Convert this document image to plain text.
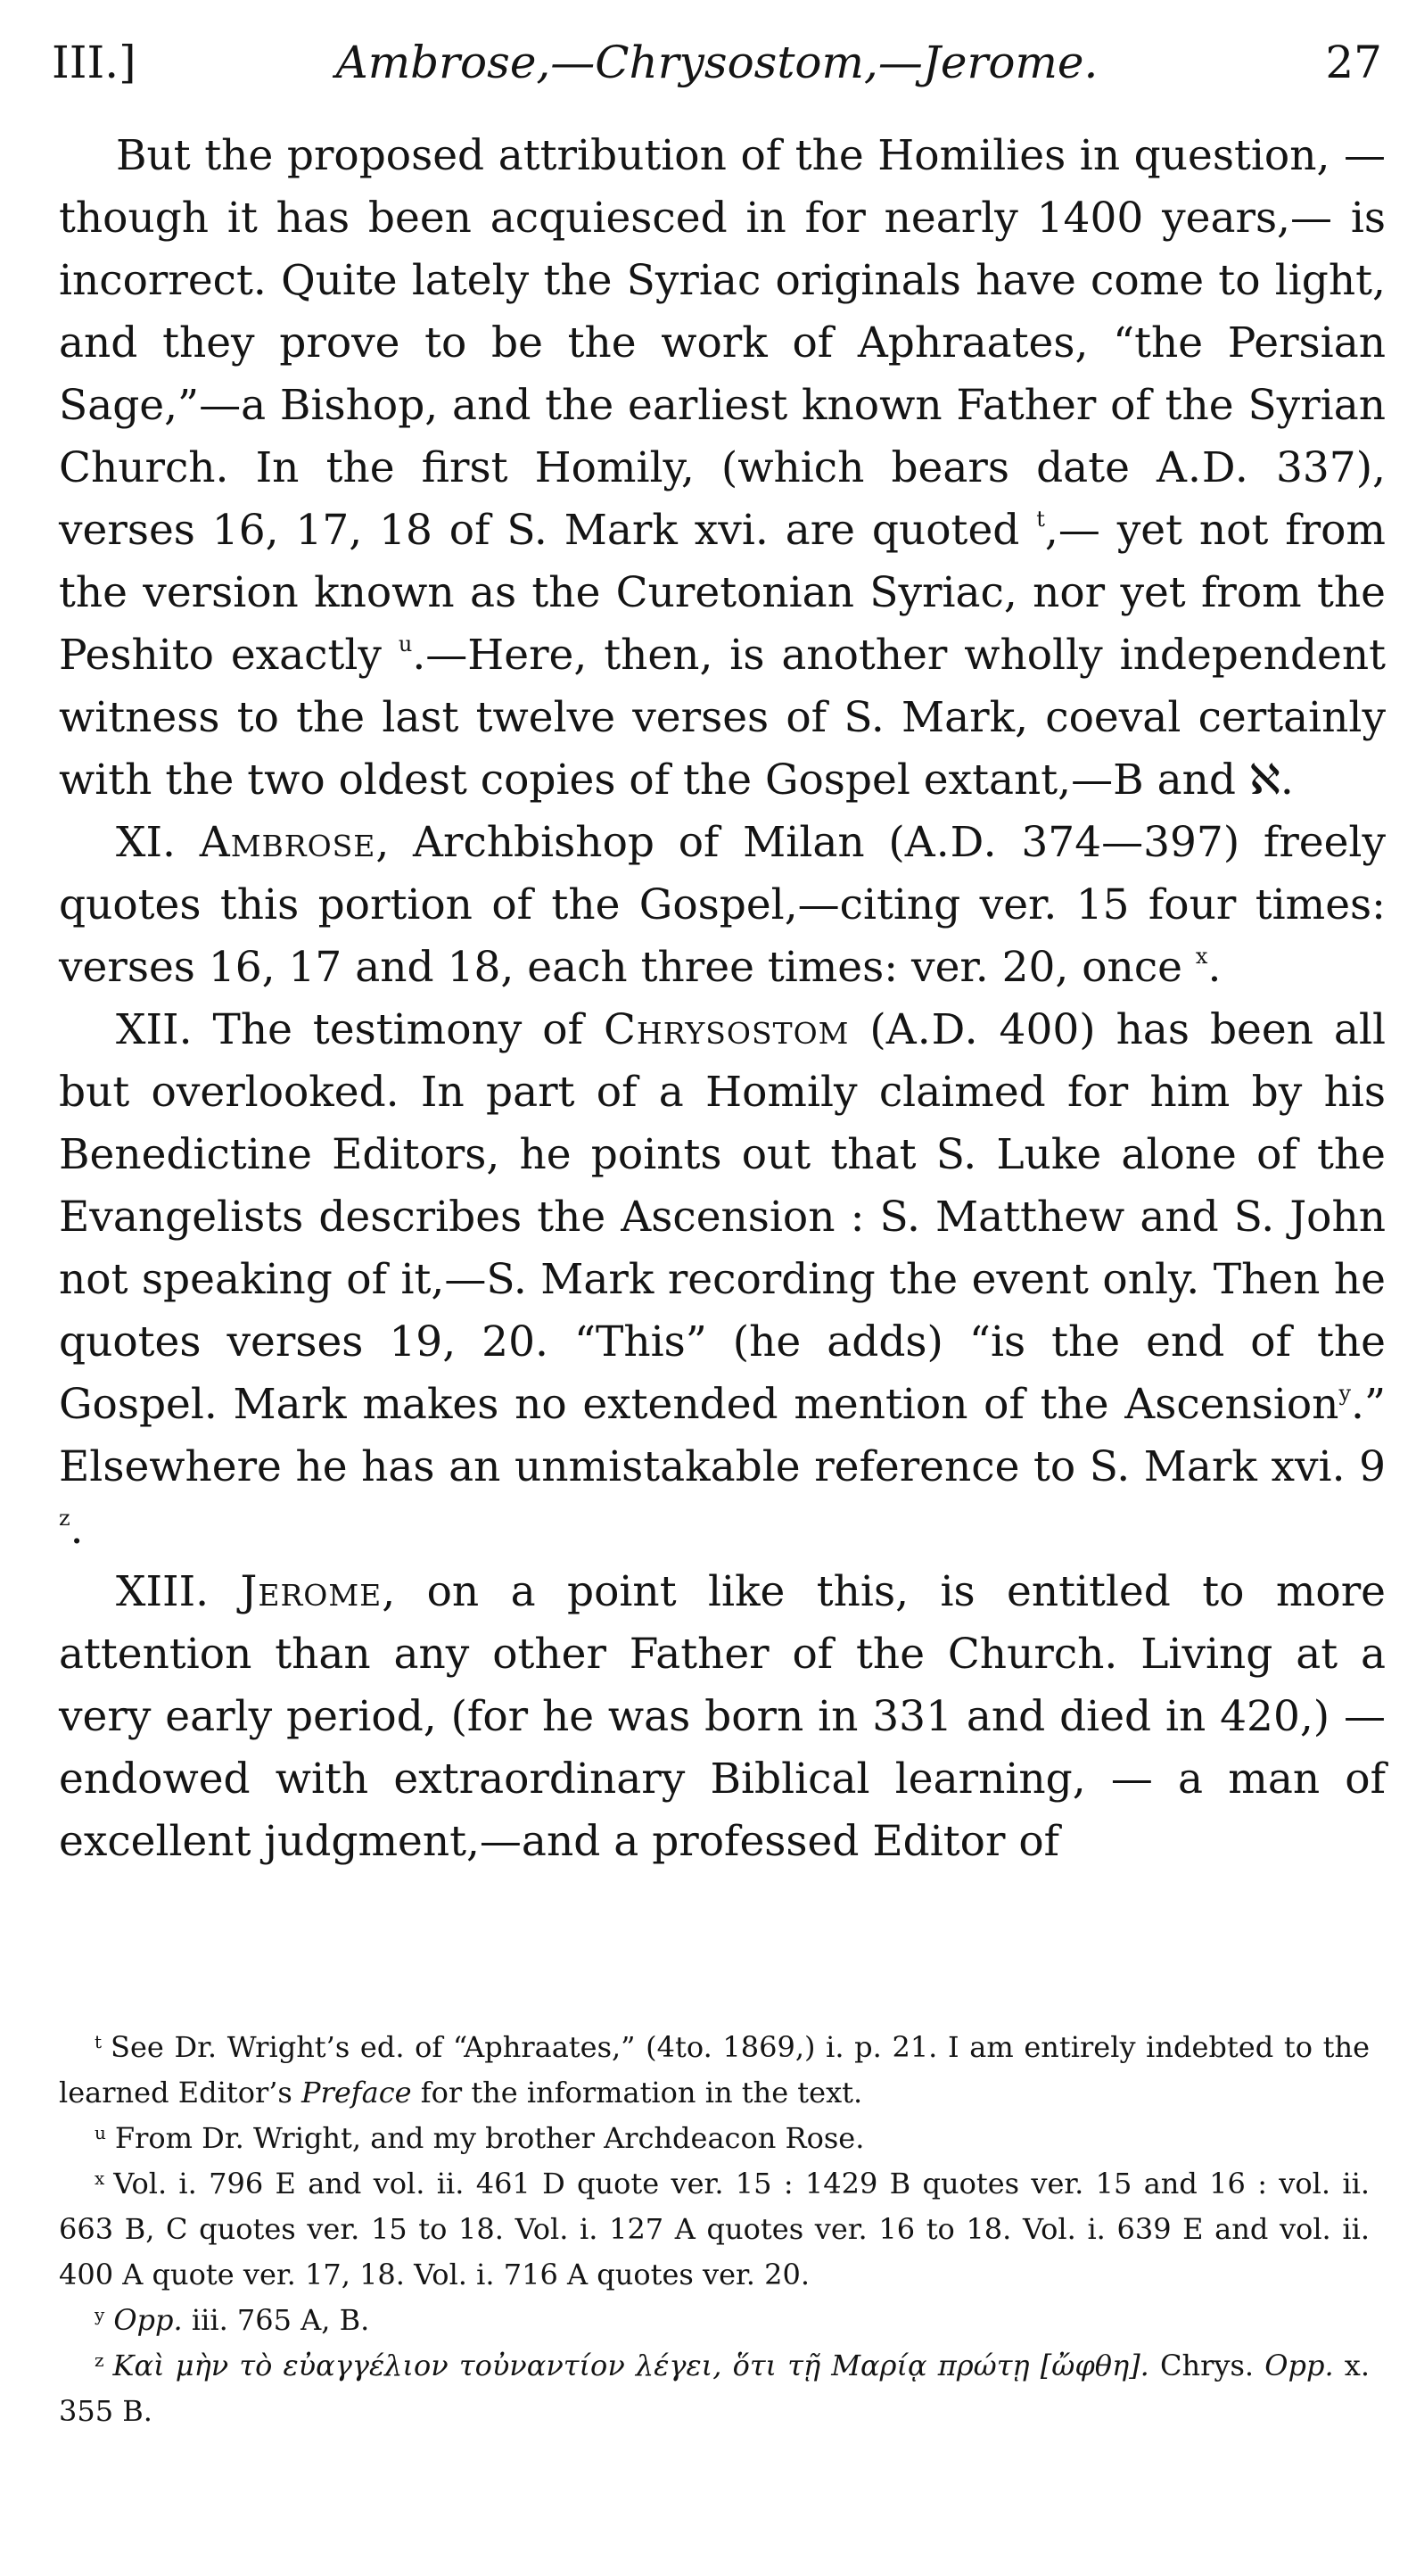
III.]	Ambrose,—Chrysostom,—Jerome.	27

But the proposed attribution of the Homilies in question, —though it has been acquiesced in for nearly 1400 years,— is incorrect. Quite lately the Syriac originals have come to light, and they prove to be the work of Aphraates, “the Persian Sage,”—a Bishop, and the earliest known Father of the Syrian Church. In the first Homily, (which bears date A.D. 337), verses 16, 17, 18 of S. Mark xvi. are quoted $^t$,— yet not from the version known as the Curetonian Syriac, nor yet from the Peshito exactly $^u$.—Here, then, is another wholly independent witness to the last twelve verses of S. Mark, coeval certainly with the two oldest copies of the Gospel extant,—B and ℵ.

XI. Ambrose, Archbishop of Milan (A.D. 374—397) freely quotes this portion of the Gospel,—citing ver. 15 four times: verses 16, 17 and 18, each three times: ver. 20, once $^x$.

XII. The testimony of Chrysostom (A.D. 400) has been all but overlooked. In part of a Homily claimed for him by his Benedictine Editors, he points out that S. Luke alone of the Evangelists describes the Ascension : S. Matthew and S. John not speaking of it,—S. Mark recording the event only. Then he quotes verses 19, 20. “This” (he adds) “is the end of the Gospel. Mark makes no extended mention of the Ascension$^y$.” Elsewhere he has an unmistakable reference to S. Mark xvi. 9 $^z$.

XIII. Jerome, on a point like this, is entitled to more attention than any other Father of the Church. Living at a very early period, (for he was born in 331 and died in 420,) — endowed with extraordinary Biblical learning, — a man of excellent judgment,—and a professed Editor of

$^t$ See Dr. Wright’s ed. of “Aphraates,” (4to. 1869,) i. p. 21. I am entirely indebted to the learned Editor’s Preface for the information in the text.

$^u$ From Dr. Wright, and my brother Archdeacon Rose.

$^x$ Vol. i. 796 E and vol. ii. 461 D quote ver. 15 : 1429 B quotes ver. 15 and 16 : vol. ii. 663 B, C quotes ver. 15 to 18. Vol. i. 127 A quotes ver. 16 to 18. Vol. i. 639 E and vol. ii. 400 A quote ver. 17, 18. Vol. i. 716 A quotes ver. 20.

$^y$ Opp. iii. 765 A, B.

$^z$ Καὶ μὴν τὸ εὐαγγέλιον τοὐναντίον λέγει, ὅτι τῇ Μαρίᾳ πρώτῃ [ὤφθη]. Chrys. Opp. x. 355 B.
